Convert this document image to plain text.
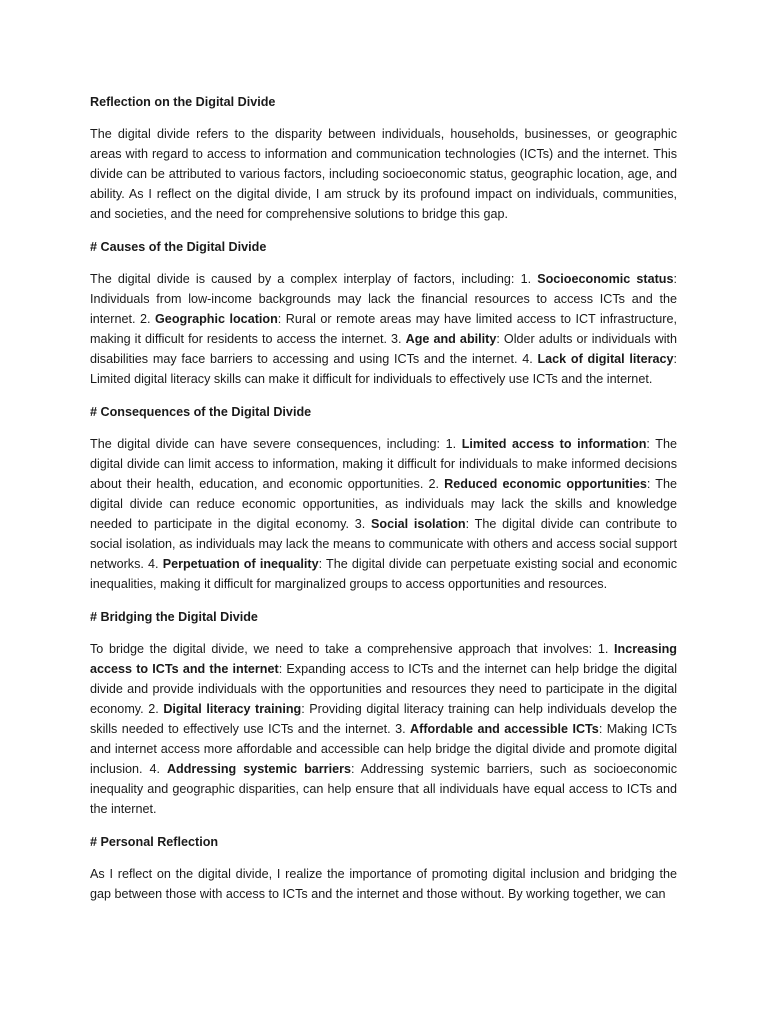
Reflection on the Digital Divide
The digital divide refers to the disparity between individuals, households, businesses, or geographic areas with regard to access to information and communication technologies (ICTs) and the internet. This divide can be attributed to various factors, including socioeconomic status, geographic location, age, and ability. As I reflect on the digital divide, I am struck by its profound impact on individuals, communities, and societies, and the need for comprehensive solutions to bridge this gap.
# Causes of the Digital Divide
The digital divide is caused by a complex interplay of factors, including: 1. Socioeconomic status: Individuals from low-income backgrounds may lack the financial resources to access ICTs and the internet. 2. Geographic location: Rural or remote areas may have limited access to ICT infrastructure, making it difficult for residents to access the internet. 3. Age and ability: Older adults or individuals with disabilities may face barriers to accessing and using ICTs and the internet. 4. Lack of digital literacy: Limited digital literacy skills can make it difficult for individuals to effectively use ICTs and the internet.
# Consequences of the Digital Divide
The digital divide can have severe consequences, including: 1. Limited access to information: The digital divide can limit access to information, making it difficult for individuals to make informed decisions about their health, education, and economic opportunities. 2. Reduced economic opportunities: The digital divide can reduce economic opportunities, as individuals may lack the skills and knowledge needed to participate in the digital economy. 3. Social isolation: The digital divide can contribute to social isolation, as individuals may lack the means to communicate with others and access social support networks. 4. Perpetuation of inequality: The digital divide can perpetuate existing social and economic inequalities, making it difficult for marginalized groups to access opportunities and resources.
# Bridging the Digital Divide
To bridge the digital divide, we need to take a comprehensive approach that involves: 1. Increasing access to ICTs and the internet: Expanding access to ICTs and the internet can help bridge the digital divide and provide individuals with the opportunities and resources they need to participate in the digital economy. 2. Digital literacy training: Providing digital literacy training can help individuals develop the skills needed to effectively use ICTs and the internet. 3. Affordable and accessible ICTs: Making ICTs and internet access more affordable and accessible can help bridge the digital divide and promote digital inclusion. 4. Addressing systemic barriers: Addressing systemic barriers, such as socioeconomic inequality and geographic disparities, can help ensure that all individuals have equal access to ICTs and the internet.
# Personal Reflection
As I reflect on the digital divide, I realize the importance of promoting digital inclusion and bridging the gap between those with access to ICTs and the internet and those without. By working together, we can
